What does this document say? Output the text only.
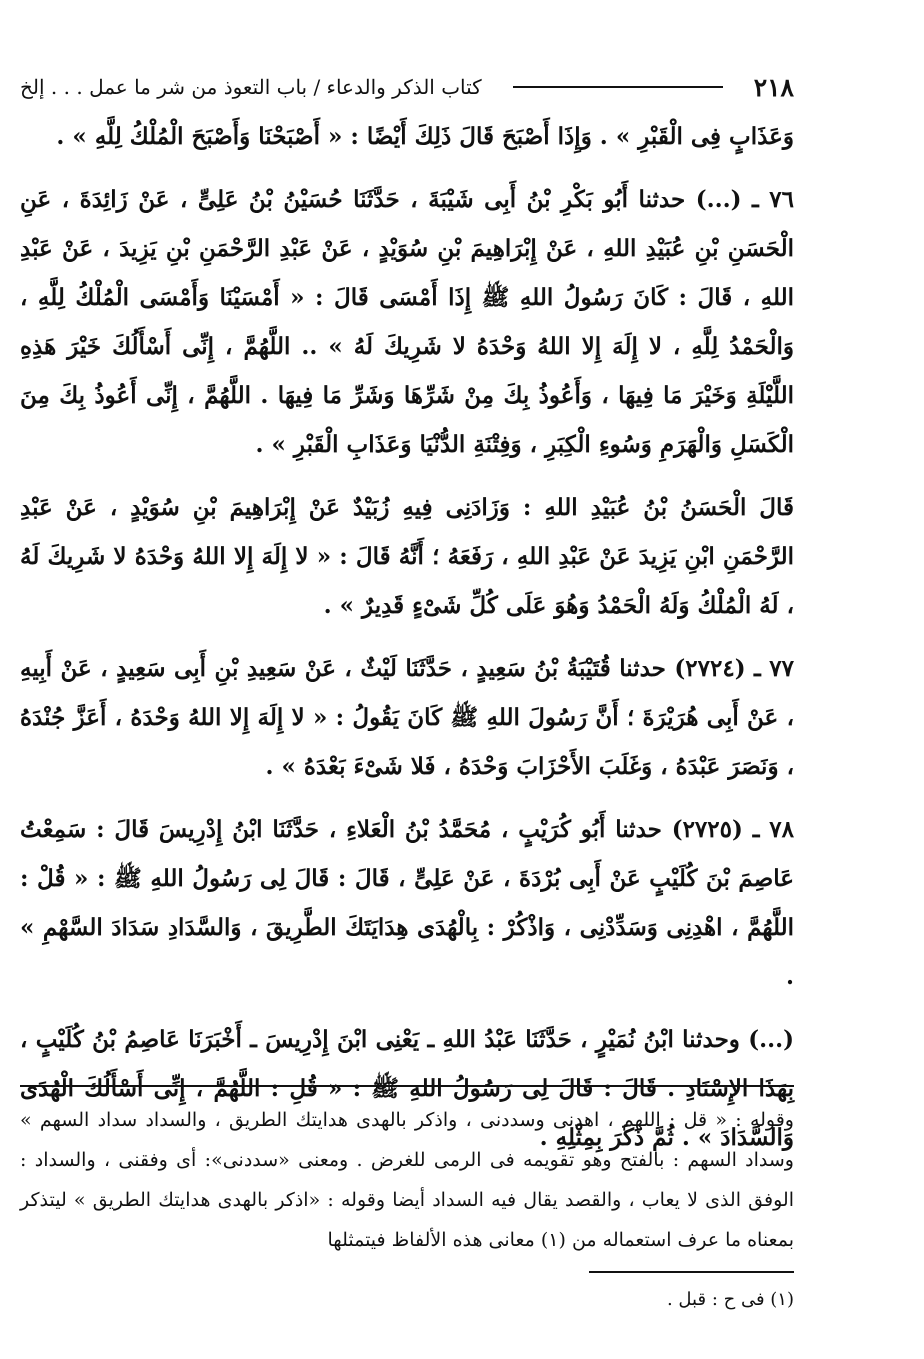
٢١٨
كتاب الذكر والدعاء / باب التعوذ من شر ما عمل . . . إلخ

وَعَذَابٍ فِى الْقَبْرِ » . وَإِذَا أَصْبَحَ قَالَ ذَلِكَ أَيْضًا : « أَصْبَحْنَا وَأَصْبَحَ الْمُلْكُ لِلَّهِ » .

٧٦ ـ (...) حدثنا أَبُو بَكْرِ بْنُ أَبِى شَيْبَةَ ، حَدَّثَنَا حُسَيْنُ بْنُ عَلِىٍّ ، عَنْ زَائِدَةَ ، عَنِ الْحَسَنِ بْنِ عُبَيْدِ اللهِ ، عَنْ إِبْرَاهِيمَ بْنِ سُوَيْدٍ ، عَنْ عَبْدِ الرَّحْمَنِ بْنِ يَزِيدَ ، عَنْ عَبْدِ اللهِ ، قَالَ : كَانَ رَسُولُ اللهِ ﷺ إِذَا أَمْسَى قَالَ : « أَمْسَيْنَا وَأَمْسَى الْمُلْكُ لِلَّهِ ، وَالْحَمْدُ لِلَّهِ ، لا إِلَهَ إِلا اللهُ وَحْدَهُ لا شَرِيكَ لَهُ » .. اللَّهُمَّ ، إِنِّى أَسْأَلُكَ خَيْرَ هَذِهِ اللَّيْلَةِ وَخَيْرَ مَا فِيهَا ، وَأَعُوذُ بِكَ مِنْ شَرِّهَا وَشَرِّ مَا فِيهَا . اللَّهُمَّ ، إِنِّى أَعُوذُ بِكَ مِنَ الْكَسَلِ وَالْهَرَمِ وَسُوءِ الْكِبَرِ ، وَفِتْنَةِ الدُّنْيَا وَعَذَابِ الْقَبْرِ » .

قَالَ الْحَسَنُ بْنُ عُبَيْدِ اللهِ : وَزَادَنِى فِيهِ زُبَيْدٌ عَنْ إِبْرَاهِيمَ بْنِ سُوَيْدٍ ، عَنْ عَبْدِ الرَّحْمَنِ ابْنِ يَزِيدَ عَنْ عَبْدِ اللهِ ، رَفَعَهُ ؛ أَنَّهُ قَالَ : « لا إِلَهَ إِلا اللهُ وَحْدَهُ لا شَرِيكَ لَهُ ، لَهُ الْمُلْكُ وَلَهُ الْحَمْدُ وَهُوَ عَلَى كُلِّ شَىْءٍ قَدِيرٌ » .

٧٧ ـ (٢٧٢٤) حدثنا قُتَيْبَةُ بْنُ سَعِيدٍ ، حَدَّثَنَا لَيْثٌ ، عَنْ سَعِيدِ بْنِ أَبِى سَعِيدٍ ، عَنْ أَبِيهِ ، عَنْ أَبِى هُرَيْرَةَ ؛ أَنَّ رَسُولَ اللهِ ﷺ كَانَ يَقُولُ : « لا إِلَهَ إِلا اللهُ وَحْدَهُ ، أَعَزَّ جُنْدَهُ ، وَنَصَرَ عَبْدَهُ ، وَغَلَبَ الأَحْزَابَ وَحْدَهُ ، فَلا شَىْءَ بَعْدَهُ » .

٧٨ ـ (٢٧٢٥) حدثنا أَبُو كُرَيْبٍ ، مُحَمَّدُ بْنُ الْعَلاءِ ، حَدَّثَنَا ابْنُ إِدْرِيسَ قَالَ : سَمِعْتُ عَاصِمَ بْنَ كُلَيْبٍ عَنْ أَبِى بُرْدَةَ ، عَنْ عَلِىٍّ ، قَالَ : قَالَ لِى رَسُولُ اللهِ ﷺ : « قُلْ : اللَّهُمَّ ، اهْدِنِى وَسَدِّدْنِى ، وَاذْكُرْ : بِالْهُدَى هِدَايَتَكَ الطَّرِيقَ ، وَالسَّدَادِ سَدَادَ السَّهْمِ » .

(...) وحدثنا ابْنُ نُمَيْرٍ ، حَدَّثَنَا عَبْدُ اللهِ ـ يَعْنِى ابْنَ إِدْرِيسَ ـ أَخْبَرَنَا عَاصِمُ بْنُ كُلَيْبٍ ، بِهَذَا الإِسْنَادِ . قَالَ : قَالَ لِى رَسُولُ اللهِ ﷺ : « قُلِ : اللَّهُمَّ ، إِنِّى أَسْأَلُكَ الْهُدَى وَالسَّدَادَ » . ثُمَّ ذَكَرَ بِمِثْلِهِ .

وقوله : « قل : اللهم ، اهدنى وسددنى ، واذكر بالهدى هدايتك الطريق ، والسداد سداد السهم » وسداد السهم : بالفتح وهو تقويمه فى الرمى للغرض . ومعنى «سددنى»: أى وفقنى ، والسداد : الوفق الذى لا يعاب ، والقصد يقال فيه السداد أيضا وقوله : «اذكر بالهدى هدايتك الطريق » ليتذكر بمعناه ما عرف استعماله من (١) معانى هذه الألفاظ فيتمثلها

(١) فى ح : قبل .
